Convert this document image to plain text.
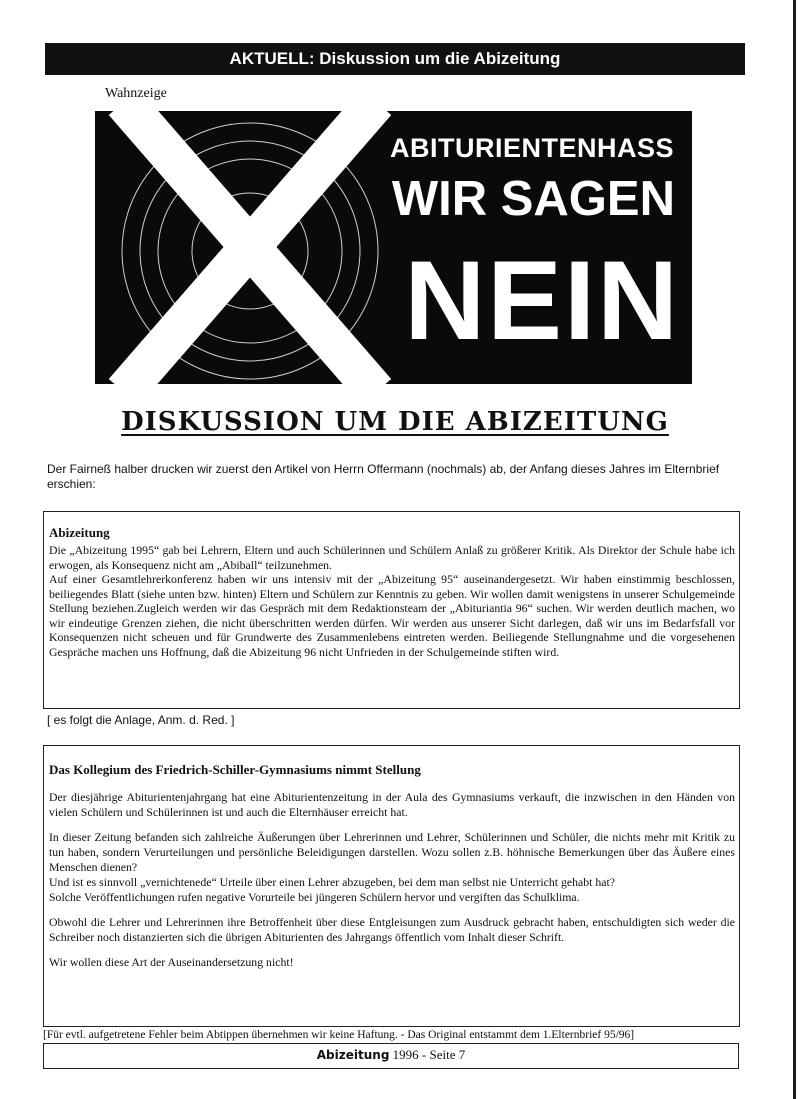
AKTUELL: Diskussion um die Abizeitung
Wahnzeige
ABITURIENTENHASS
WIR SAGEN
NEIN
DISKUSSION UM DIE ABIZEITUNG
Der Fairneß halber drucken wir zuerst den Artikel von Herrn Offermann (nochmals) ab, der Anfang dieses Jahres im Elternbrief erschien:
Abizeitung

Die „Abizeitung 1995“ gab bei Lehrern, Eltern und auch Schülerinnen und Schülern Anlaß zu größerer Kritik. Als Direktor der Schule habe ich erwogen, als Konsequenz nicht am „Abiball“ teilzunehmen.

Auf einer Gesamtlehrerkonferenz haben wir uns intensiv mit der „Abizeitung 95“ auseinandergesetzt. Wir haben einstimmig beschlossen, beiliegendes Blatt (siehe unten bzw. hinten) Eltern und Schülern zur Kenntnis zu geben. Wir wollen damit wenigstens in unserer Schulgemeinde Stellung beziehen.Zugleich werden wir das Gespräch mit dem Redaktionsteam der „Abituriantia 96“ suchen. Wir werden deutlich machen, wo wir eindeutige Grenzen ziehen, die nicht überschritten werden dürfen. Wir werden aus unserer Sicht darlegen, daß wir uns im Bedarfsfall vor Konsequenzen nicht scheuen und für Grundwerte des Zusammenlebens eintreten werden. Beiliegende Stellungnahme und die vorgesehenen Gespräche machen uns Hoffnung, daß die Abizeitung 96 nicht Unfrieden in der Schulgemeinde stiften wird.

[ es folgt die Anlage, Anm. d. Red. ]
Das Kollegium des Friedrich-Schiller-Gymnasiums nimmt Stellung

Der diesjährige Abiturientenjahrgang hat eine Abiturientenzeitung in der Aula des Gymnasiums verkauft, die inzwischen in den Händen von vielen Schülern und Schülerinnen ist und auch die Elternhäuser erreicht hat.

In dieser Zeitung befanden sich zahlreiche Äußerungen über Lehrerinnen und Lehrer, Schülerinnen und Schüler, die nichts mehr mit Kritik zu tun haben, sondern Verurteilungen und persönliche Beleidigungen darstellen. Wozu sollen z.B. höhnische Bemerkungen über das Äußere eines Menschen dienen?

Und ist es sinnvoll „vernichtenede“ Urteile über einen Lehrer abzugeben, bei dem man selbst nie Unterricht gehabt hat?

Solche Veröffentlichungen rufen negative Vorurteile bei jüngeren Schülern hervor und vergiften das Schulklima.

Obwohl die Lehrer und Lehrerinnen ihre Betroffenheit über diese Entgleisungen zum Ausdruck gebracht haben, entschuldigten sich weder die Schreiber noch distanzierten sich die übrigen Abiturienten des Jahrgangs öffentlich vom Inhalt dieser Schrift.

Wir wollen diese Art der Auseinandersetzung nicht!

[Für evtl. aufgetretene Fehler beim Abtippen übernehmen wir keine Haftung. - Das Original entstammt dem 1.Elternbrief 95/96]
Abizeitung 1996 - Seite 7
